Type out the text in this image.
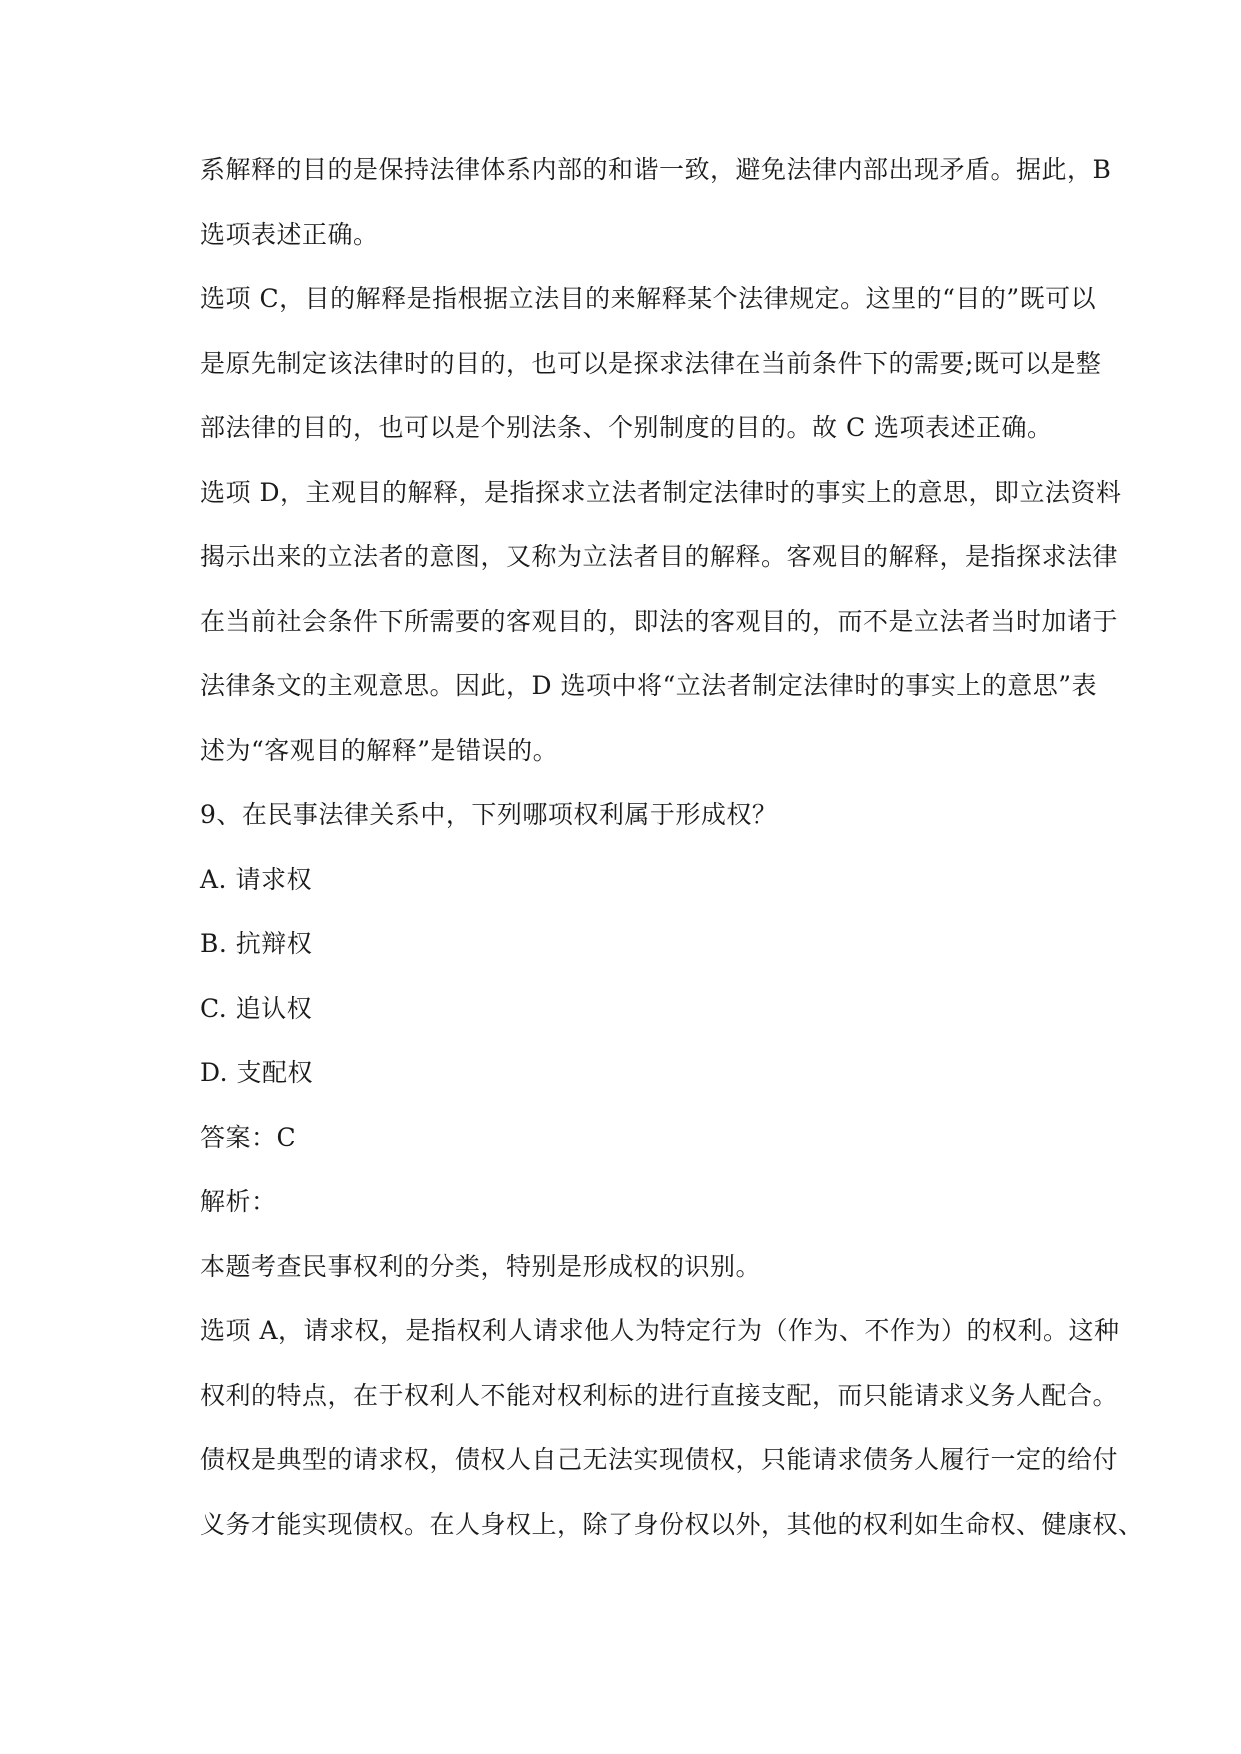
系解释的目的是保持法律体系内部的和谐一致，避免法律内部出现矛盾。据此，B
选项表述正确。
选项 C，目的解释是指根据立法目的来解释某个法律规定。这里的“目的”既可以
是原先制定该法律时的目的，也可以是探求法律在当前条件下的需要;既可以是整
部法律的目的，也可以是个别法条、个别制度的目的。故 C 选项表述正确。
选项 D，主观目的解释，是指探求立法者制定法律时的事实上的意思，即立法资料
揭示出来的立法者的意图，又称为立法者目的解释。客观目的解释，是指探求法律
在当前社会条件下所需要的客观目的，即法的客观目的，而不是立法者当时加诸于
法律条文的主观意思。因此，D 选项中将“立法者制定法律时的事实上的意思”表
述为“客观目的解释”是错误的。
9、在民事法律关系中，下列哪项权利属于形成权？
A. 请求权
B. 抗辩权
C. 追认权
D. 支配权
答案：C
解析：
本题考查民事权利的分类，特别是形成权的识别。
选项 A，请求权，是指权利人请求他人为特定行为（作为、不作为）的权利。这种
权利的特点，在于权利人不能对权利标的进行直接支配，而只能请求义务人配合。
债权是典型的请求权，债权人自己无法实现债权，只能请求债务人履行一定的给付
义务才能实现债权。在人身权上，除了身份权以外，其他的权利如生命权、健康权、
